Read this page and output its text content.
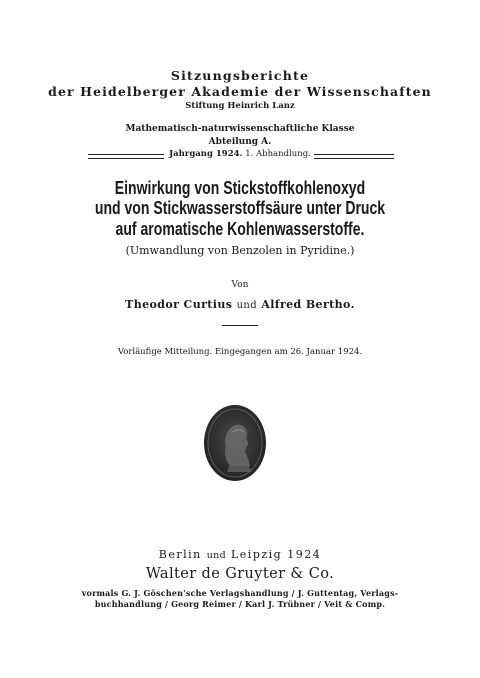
Sitzungsberichte
der Heidelberger Akademie der Wissenschaften
Stiftung Heinrich Lanz
Mathematisch-naturwissenschaftliche Klasse
Abteilung A.
Jahrgang 1924. 1. Abhandlung.
Einwirkung von Stickstoffkohlenoxyd
und von Stickwasserstoffsäure unter Druck
auf aromatische Kohlenwasserstoffe.
(Umwandlung von Benzolen in Pyridine.)
Von
Theodor Curtius und Alfred Bertho.
Vorläufige Mitteilung. Eingegangen am 26. Januar 1924.
Berlin und Leipzig 1924
Walter de Gruyter & Co.
vormals G. J. Göschen'sche Verlagshandlung / J. Guttentag, Verlags-
buchhandlung / Georg Reimer / Karl J. Trübner / Veit & Comp.
